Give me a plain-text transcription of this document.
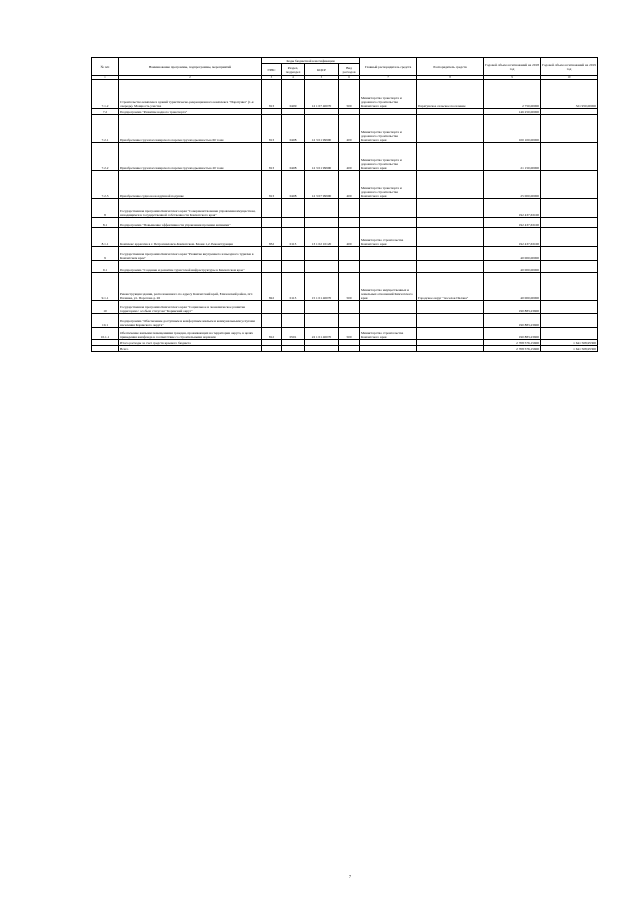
№ п/п	Наименование программы, подпрограммы, мероприятий	Коды бюджетной классификации				Главный распорядитель средств	Распорядитель средств	Годовой объем ассигнований на 2018 год	Годовой объем ассигнований на 2019 год
		ГРБС	Раздел, подраздел	КЦСР	Вид расходов				
1	2	3	4	5	6	7	8	9	10
7.1.2	Строительство комплекса зданий туристическо-рекреационного комплекса "Паратунка" (1-я очередь). Мощность участка	813	0409	12 1 07 40070	500	Министерство транспорта и дорожного строительства Камчатского края	Паратунское сельское поселение	2 750,00000	321 950,00000
7.2	Подпрограмма "Развитие водного транспорта"							146 250,00000	
7.2.1	Приобретение грузопассажирского парома грузоподъемностью 60 тонн	813	0408	12 3 01 99990	400	Министерство транспорта и дорожного строительства Камчатского края		100 100,00000	
7.2.2	Приобретение грузопассажирского парома грузоподъемностью 20 тонн	813	0408	12 3 01 99990	400	Министерство транспорта и дорожного строительства Камчатского края		21 150,00000	
7.2.3	Приобретение судна на воздушной подушке	813	0408	12 3 07 99990	400	Министерство транспорта и дорожного строительства Камчатского края		25 000,00000	
8	Государственная программа Камчатского края "Совершенствование управления имуществом, находящимся в государственной собственности Камчатского края"							192 437,63100	
8.1	Подпрограмма "Повышение эффективности управления прочими активами"							192 437,63100	
8.1.1	Комплекс apparatus в г. Петропавловск-Камчатском. Блоки 1,2. Реконструкция	832	0113	13 1 02 10120	400	Министерство строительства Камчатского края		192 437,63100	
9	Государственная программа Камчатского края "Развитие внутреннего и въездного туризма в Камчатском крае"							40 000,00000	
9.1	Подпрограмма "Создание и развитие туристской инфраструктуры в Камчатском крае"							40 000,00000	
9.1.1	Реконструкция здания, расположенного по адресу Камчатский край, Елизовский район, пгт. Паланка, ул. Поротова д. 26	822	0113	15 1 01 40070	500	Министерство имущественных и земельных отношений Камчатского края	Городское округ "поселок Палана"	40 000,00000	
10	Государственная программа Камчатского края "Социальное и экономическое развитие территории с особым статусом "Корякский округ"							190 883,23600	
10.1	Подпрограмма "Обеспечение доступным и комфортным жильем и коммунальными услугами населения Корякского округа"							190 883,23600	
10.1.1	Обеспечение жилыми помещениями граждан, проживающих на территории округа, в целях приведения жилфонда в соответствие со строительными нормами	812	0501	22 1 01 40070	500	Министерство строительства Камчатского края		190 883,23600	
	Итого расходы за счет средств краевого бюджета							2 708 576,15600	1 641 508,95300
	Всего							2 708 576,15600	1 641 508,95300
7
